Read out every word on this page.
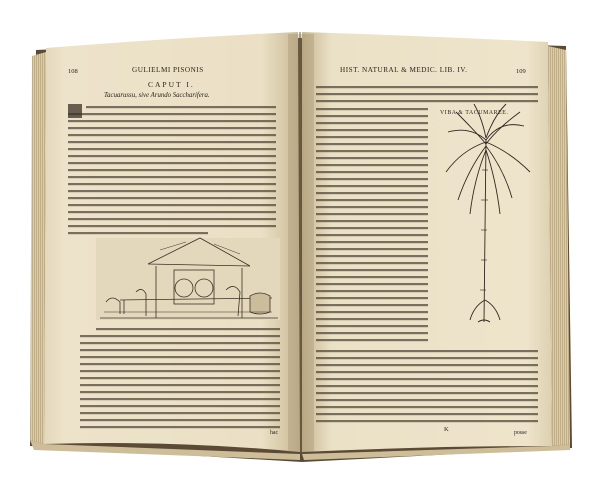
108	GULIELMI PISONIS
CAPUT I.
Tacuarussu, sive Arundo Saccharifera.
hac
HIST. NATURAL & MEDIC. LIB. IV.	109
VIBA & TACUMAREE.
K	posse
